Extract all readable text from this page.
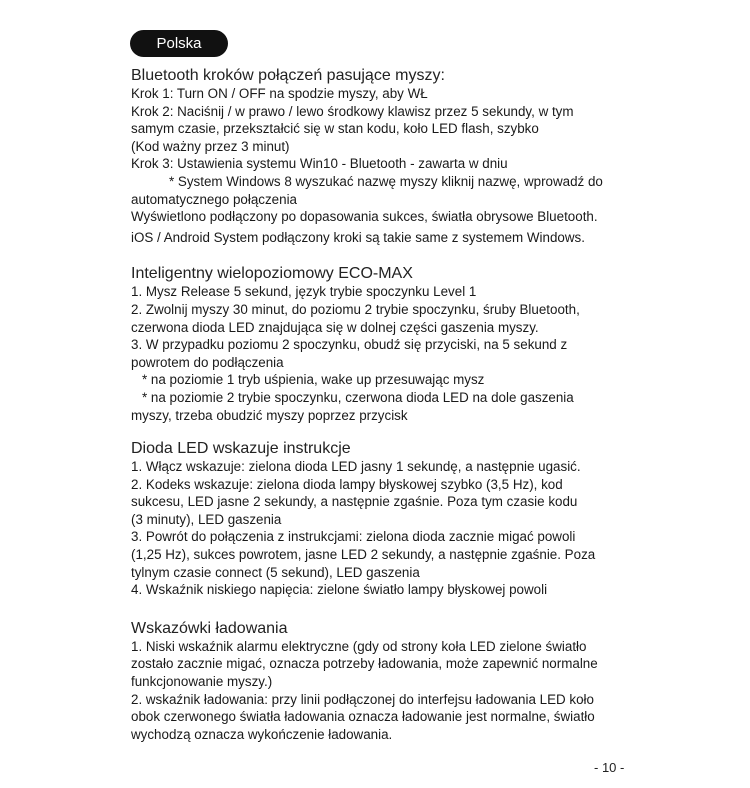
Polska
Bluetooth kroków połączeń pasujące myszy:
Krok 1: Turn ON / OFF na spodzie myszy, aby WŁ
Krok 2: Naciśnij / w prawo / lewo środkowy klawisz przez 5 sekundy, w tym
samym czasie, przekształcić się w stan kodu, koło LED flash, szybko
(Kod ważny przez 3 minut)
Krok 3: Ustawienia systemu Win10 - Bluetooth - zawarta w dniu
* System Windows 8 wyszukać nazwę myszy kliknij nazwę, wprowadź do
automatycznego połączenia
Wyświetlono podłączony po dopasowania sukces, światła obrysowe Bluetooth.
iOS / Android System podłączony kroki są takie same z systemem Windows.
Inteligentny wielopoziomowy ECO-MAX
1. Mysz Release 5 sekund, język trybie spoczynku Level 1
2. Zwolnij myszy 30 minut, do poziomu 2 trybie spoczynku, śruby Bluetooth,
czerwona dioda LED znajdująca się w dolnej części gaszenia myszy.
3. W przypadku poziomu 2 spoczynku, obudź się przyciski, na 5 sekund z
powrotem do podłączenia
* na poziomie 1 tryb uśpienia, wake up przesuwając mysz
* na poziomie 2 trybie spoczynku, czerwona dioda LED na dole gaszenia
myszy, trzeba obudzić myszy poprzez przycisk
Dioda LED wskazuje instrukcje
1. Włącz wskazuje: zielona dioda LED jasny 1 sekundę, a następnie ugasić.
2. Kodeks wskazuje: zielona dioda lampy błyskowej szybko (3,5 Hz), kod
sukcesu, LED jasne 2 sekundy, a następnie zgaśnie. Poza tym czasie kodu
(3 minuty), LED gaszenia
3. Powrót do połączenia z instrukcjami: zielona dioda zacznie migać powoli
(1,25 Hz), sukces powrotem, jasne LED 2 sekundy, a następnie zgaśnie. Poza
tylnym czasie connect (5 sekund), LED gaszenia
4. Wskaźnik niskiego napięcia: zielone światło lampy błyskowej powoli
Wskazówki ładowania
1. Niski wskaźnik alarmu elektryczne (gdy od strony koła LED zielone światło
zostało zacznie migać, oznacza potrzeby ładowania, może zapewnić normalne
funkcjonowanie myszy.)
2. wskaźnik ładowania: przy linii podłączonej do interfejsu ładowania LED koło
obok czerwonego światła ładowania oznacza ładowanie jest normalne, światło
wychodzą oznacza wykończenie ładowania.
- 10 -
